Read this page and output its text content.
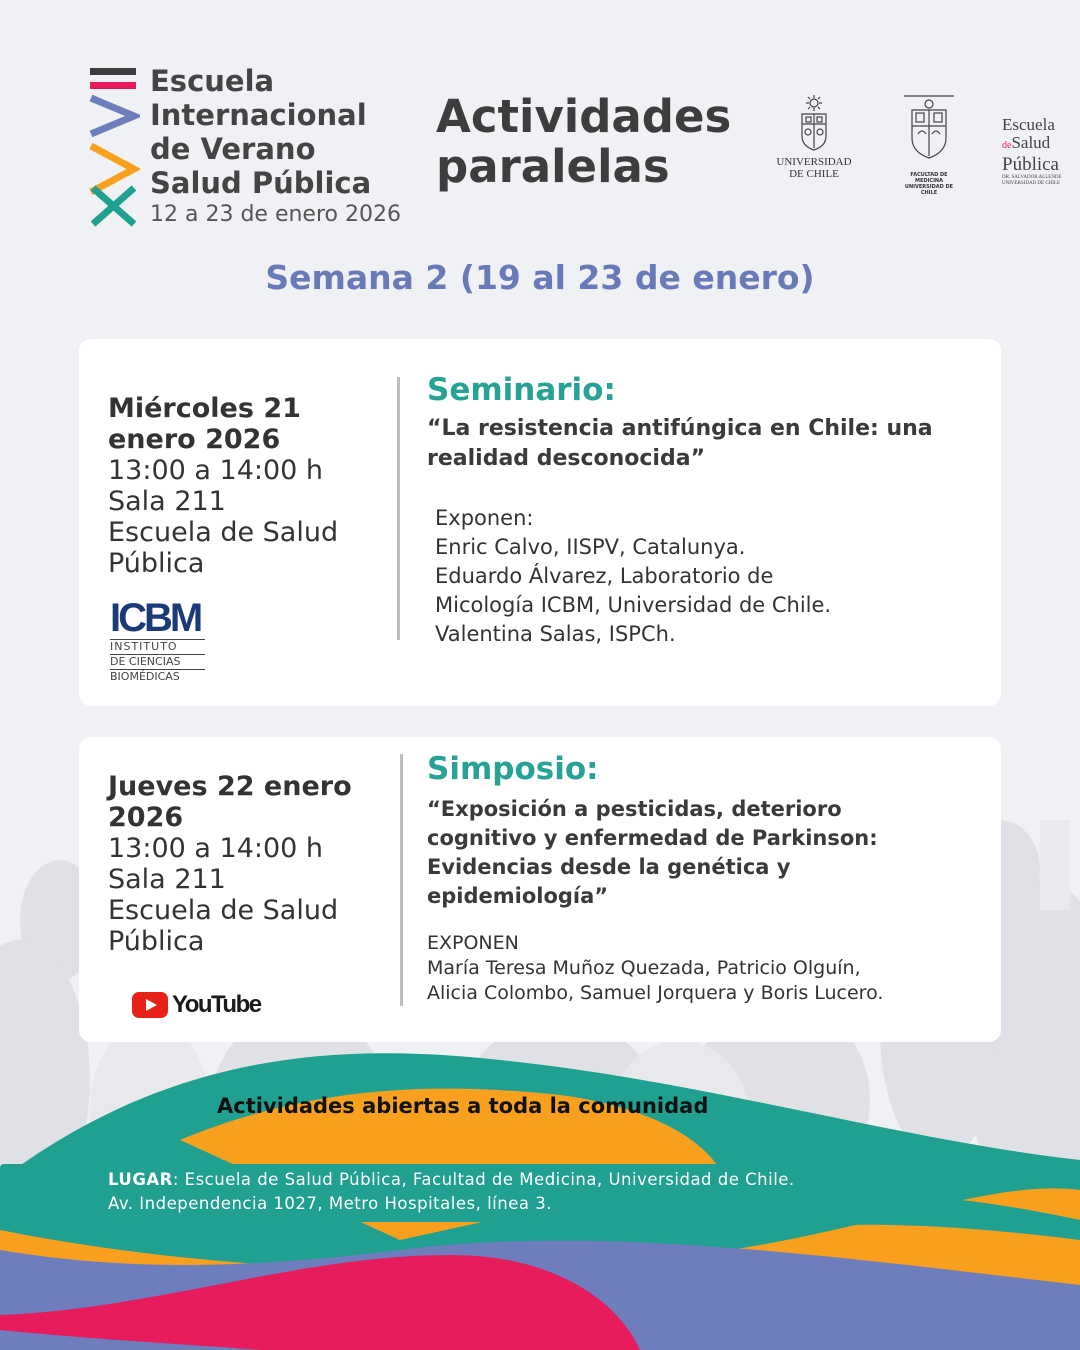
Escuela
Internacional
de Verano
Salud Pública
12 a 23 de enero 2026
Actividades
paralelas	UNIVERSIDAD
DE CHILE	FACULTAD DE MEDICINA
UNIVERSIDAD DE CHILE
Escuela
deSalud
Pública
DR. SALVADOR ALLENDE
UNIVERSIDAD DE CHILE
Semana 2 (19 al 23 de enero)
Miércoles 21
enero 2026
13:00 a 14:00 h
Sala 211
Escuela de Salud
Pública
ICBM
INSTITUTO
DE CIENCIAS
BIOMÉDICAS
Seminario:
“La resistencia antifúngica en Chile: una
realidad desconocida”
Exponen:
Enric Calvo, IISPV, Catalunya.
Eduardo Álvarez, Laboratorio de
Micología ICBM, Universidad de Chile.
Valentina Salas, ISPCh.
Jueves 22 enero
2026
13:00 a 14:00 h
Sala 211
Escuela de Salud
Pública
YouTube
Simposio:
“Exposición a pesticidas, deterioro
cognitivo y enfermedad de Parkinson:
Evidencias desde la genética y
epidemiología”
EXPONEN
María Teresa Muñoz Quezada, Patricio Olguín,
Alicia Colombo, Samuel Jorquera y Boris Lucero.
Actividades abiertas a toda la comunidad
LUGAR: Escuela de Salud Pública, Facultad de Medicina, Universidad de Chile.
Av. Independencia 1027, Metro Hospitales, línea 3.
